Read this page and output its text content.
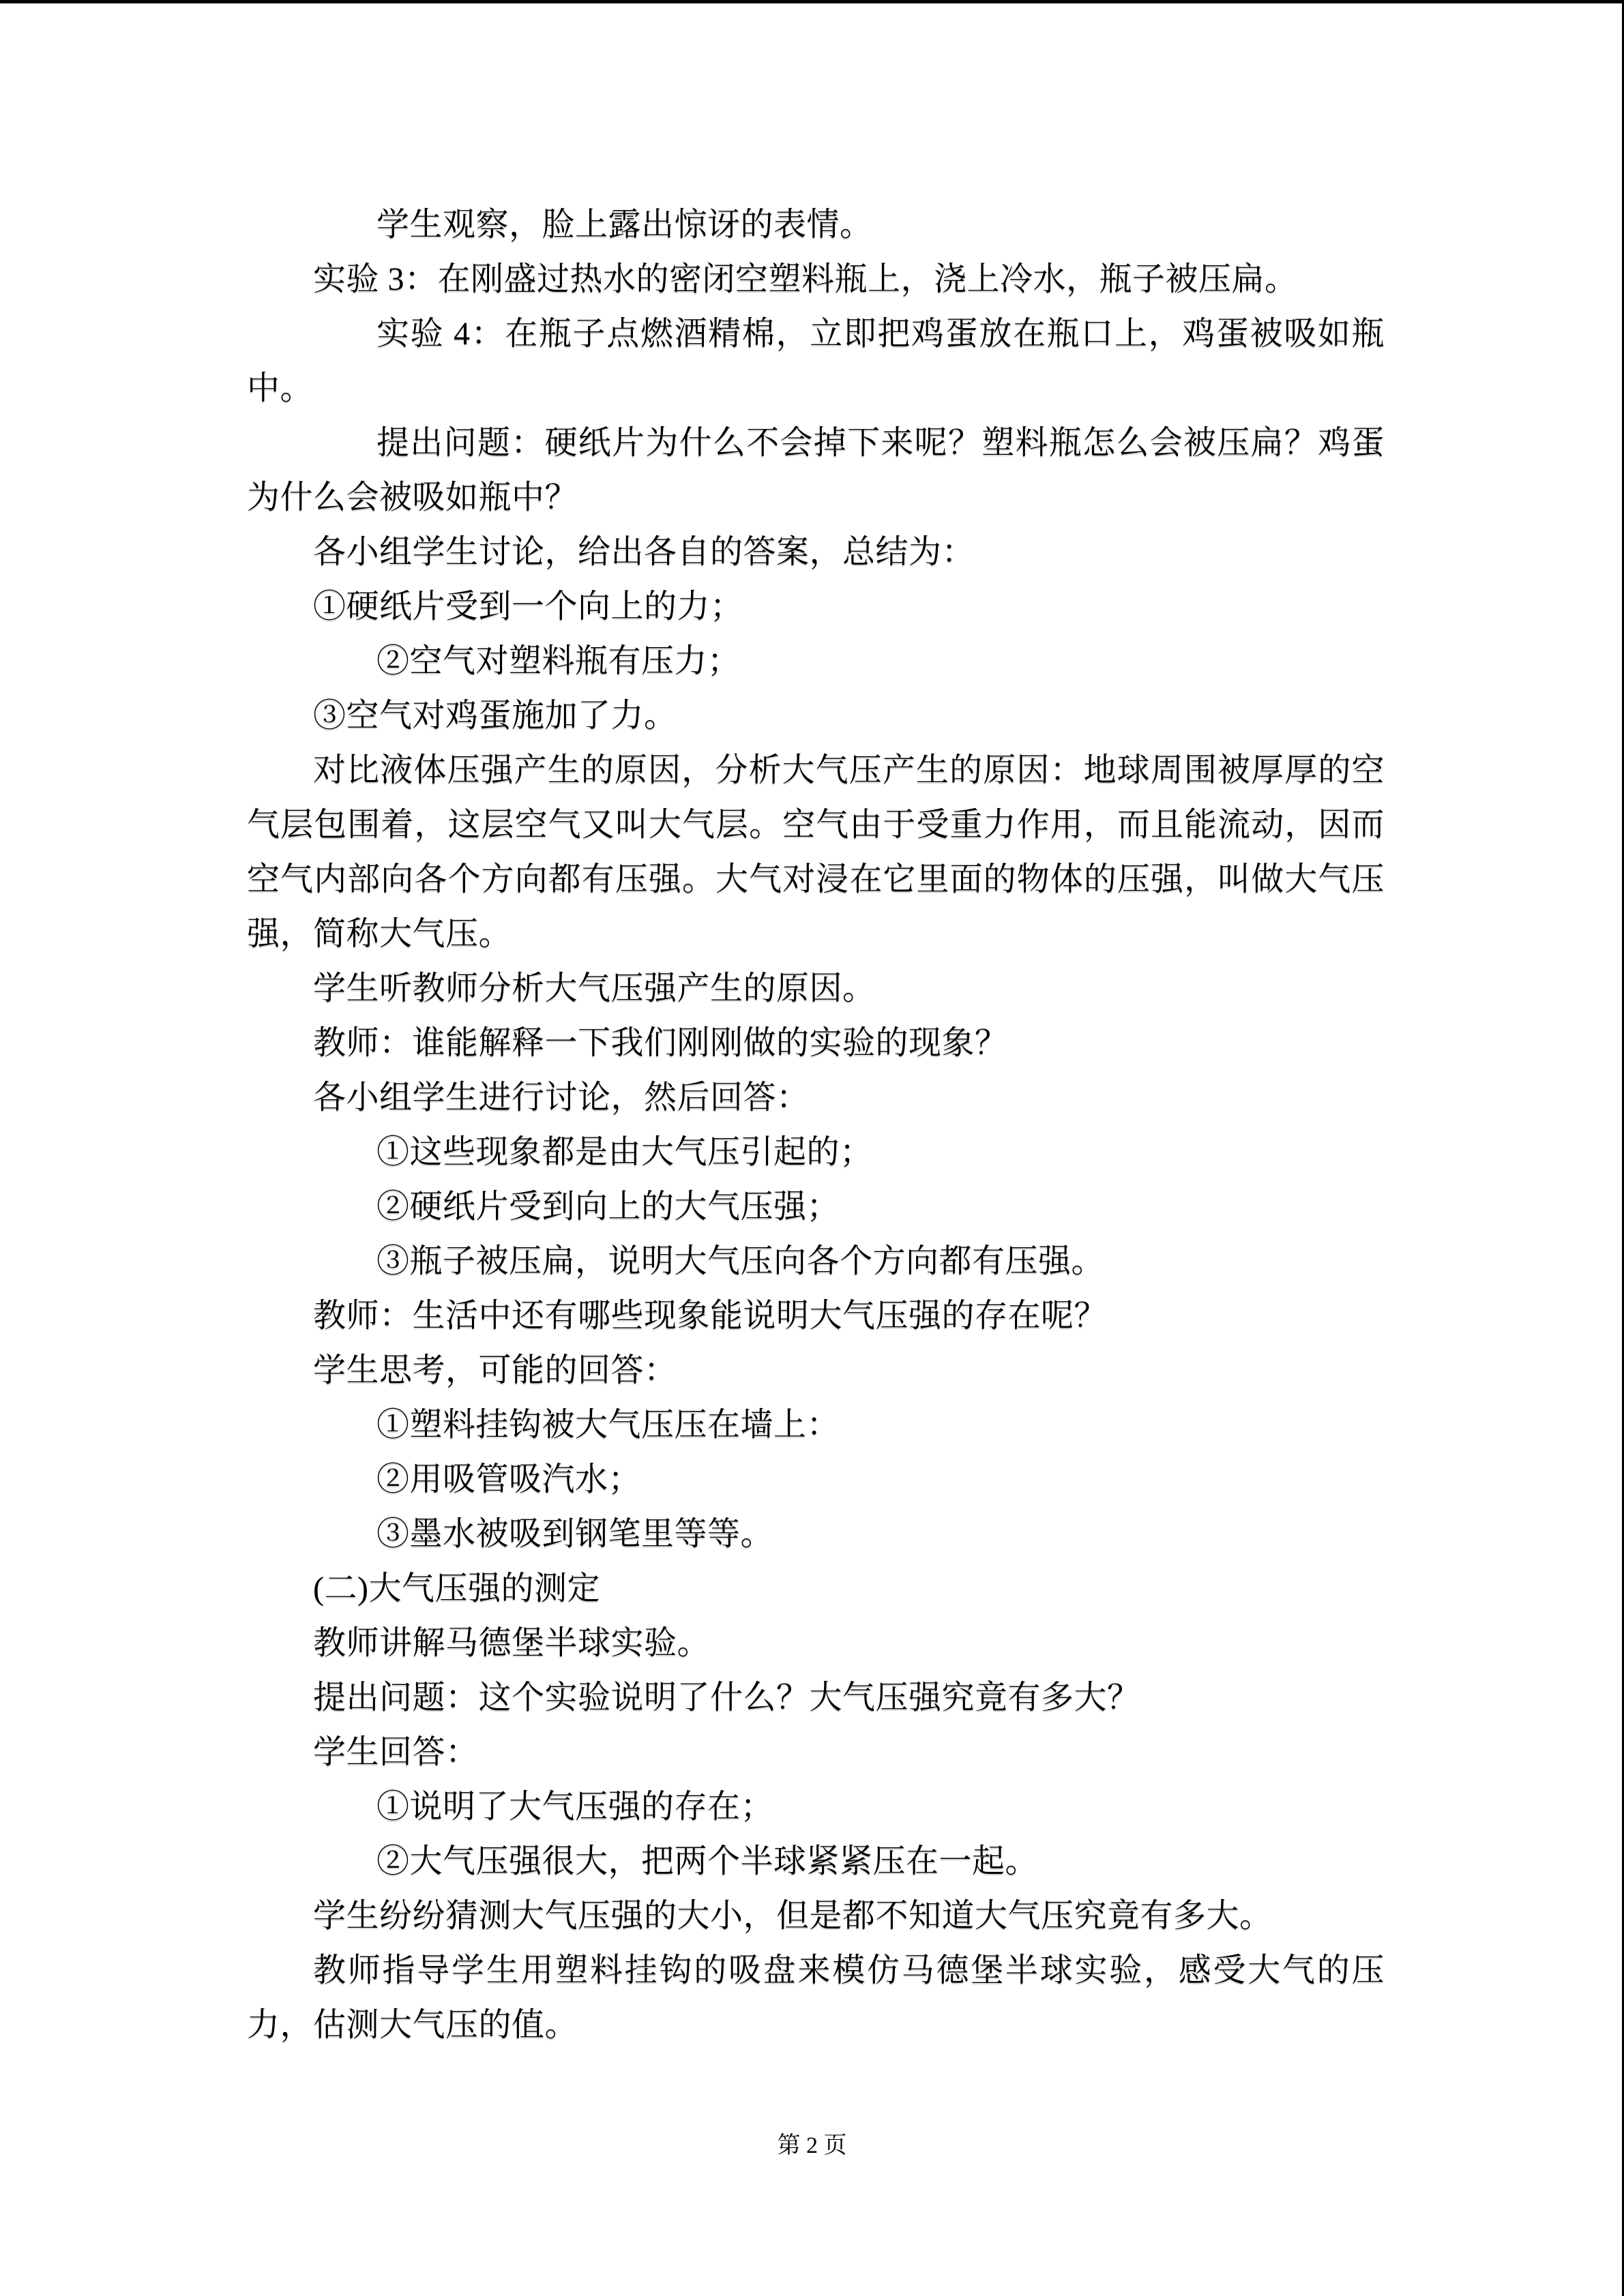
学生观察，脸上露出惊讶的表情。
实验 3：在刚盛过热水的密闭空塑料瓶上，浇上冷水，瓶子被压扁。
实验 4：在瓶子点燃酒精棉，立即把鸡蛋放在瓶口上，鸡蛋被吸如瓶
中。
提出问题：硬纸片为什么不会掉下来呢？塑料瓶怎么会被压扁？鸡蛋
为什么会被吸如瓶中？
各小组学生讨论，给出各自的答案，总结为：
①硬纸片受到一个向上的力；
②空气对塑料瓶有压力；
③空气对鸡蛋施加了力。
对比液体压强产生的原因，分析大气压产生的原因：地球周围被厚厚的空
气层包围着，这层空气又叫大气层。空气由于受重力作用，而且能流动，因而
空气内部向各个方向都有压强。大气对浸在它里面的物体的压强，叫做大气压
强，简称大气压。
学生听教师分析大气压强产生的原因。
教师：谁能解释一下我们刚刚做的实验的现象？
各小组学生进行讨论，然后回答：
①这些现象都是由大气压引起的；
②硬纸片受到向上的大气压强；
③瓶子被压扁，说明大气压向各个方向都有压强。
教师：生活中还有哪些现象能说明大气压强的存在呢？
学生思考，可能的回答：
①塑料挂钩被大气压压在墙上：
②用吸管吸汽水；
③墨水被吸到钢笔里等等。
(二)大气压强的测定
教师讲解马德堡半球实验。
提出问题：这个实验说明了什么？大气压强究竟有多大？
学生回答：
①说明了大气压强的存在；
②大气压强很大，把两个半球紧紧压在一起。
学生纷纷猜测大气压强的大小，但是都不知道大气压究竟有多大。
教师指导学生用塑料挂钩的吸盘来模仿马德堡半球实验，感受大气的压
力，估测大气压的值。
第 2 页
